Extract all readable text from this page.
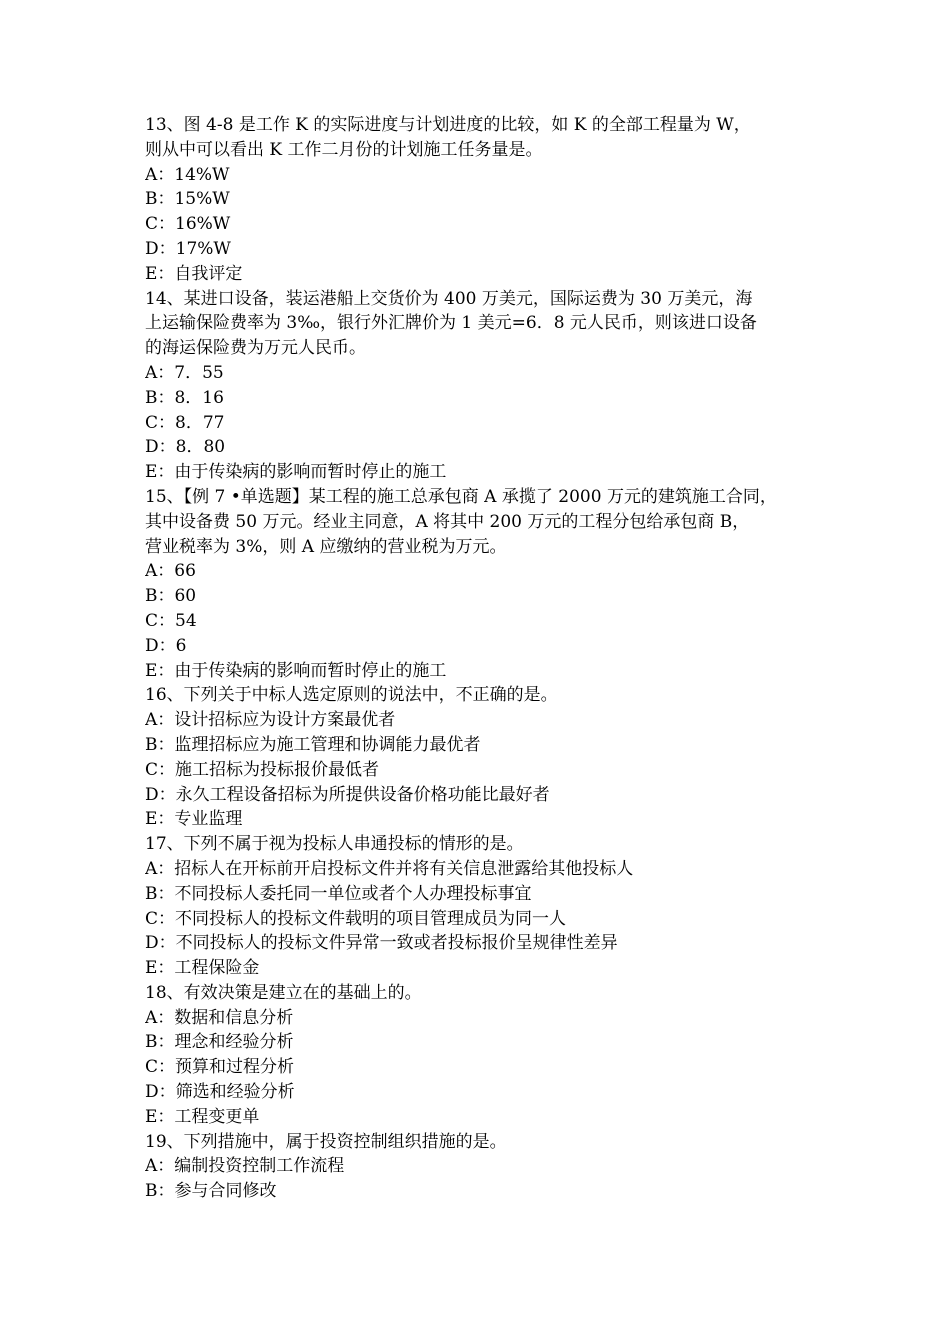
13、图 4-8 是工作 K 的实际进度与计划进度的比较，如 K 的全部工程量为 W，
则从中可以看出 K 工作二月份的计划施工任务量是。
A：14%W
B：15%W
C：16%W
D：17%W
E：自我评定
14、某进口设备，装运港船上交货价为 400 万美元，国际运费为 30 万美元，海
上运输保险费率为 3‰，银行外汇牌价为 1 美元=6．8 元人民币，则该进口设备
的海运保险费为万元人民币。
A：7．55
B：8．16
C：8．77
D：8．80
E：由于传染病的影响而暂时停止的施工
15、【例 7 •单选题】某工程的施工总承包商 A 承揽了 2000 万元的建筑施工合同，
其中设备费 50 万元。经业主同意，A 将其中 200 万元的工程分包给承包商 B，
营业税率为 3%，则 A 应缴纳的营业税为万元。
A：66
B：60
C：54
D：6
E：由于传染病的影响而暂时停止的施工
16、下列关于中标人选定原则的说法中，不正确的是。
A：设计招标应为设计方案最优者
B：监理招标应为施工管理和协调能力最优者
C：施工招标为投标报价最低者
D：永久工程设备招标为所提供设备价格功能比最好者
E：专业监理
17、下列不属于视为投标人串通投标的情形的是。
A：招标人在开标前开启投标文件并将有关信息泄露给其他投标人
B：不同投标人委托同一单位或者个人办理投标事宜
C：不同投标人的投标文件载明的项目管理成员为同一人
D：不同投标人的投标文件异常一致或者投标报价呈规律性差异
E：工程保险金
18、有效决策是建立在的基础上的。
A：数据和信息分析
B：理念和经验分析
C：预算和过程分析
D：筛选和经验分析
E：工程变更单
19、下列措施中，属于投资控制组织措施的是。
A：编制投资控制工作流程
B：参与合同修改
